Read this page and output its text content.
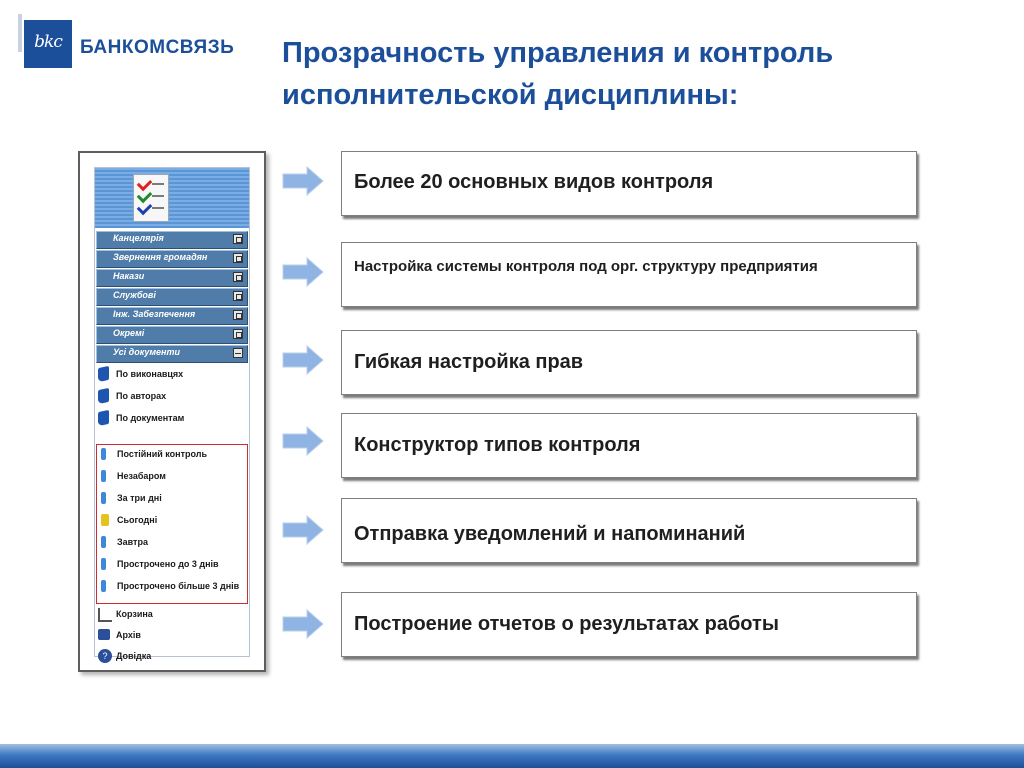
bkc БАНКОМСВЯЗЬ Прозрачность управления и контроль
исполнительской дисциплины:
Канцелярія
Звернення громадян
Накази
Службові
Інж. Забезпечення
Окремі
Усі документи
По виконавцях
По авторах
По документам
Постійний контроль
Незабаром
За три дні
Сьогодні
Завтра
Прострочено до 3 днів
Прострочено більше 3 днів
Корзина
Архів
? Довідка
Более 20 основных видов контроля
Настройка системы контроля под орг. структуру предприятия
Гибкая настройка прав
Конструктор типов контроля
Отправка уведомлений и напоминаний
Построение отчетов о результатах работы
